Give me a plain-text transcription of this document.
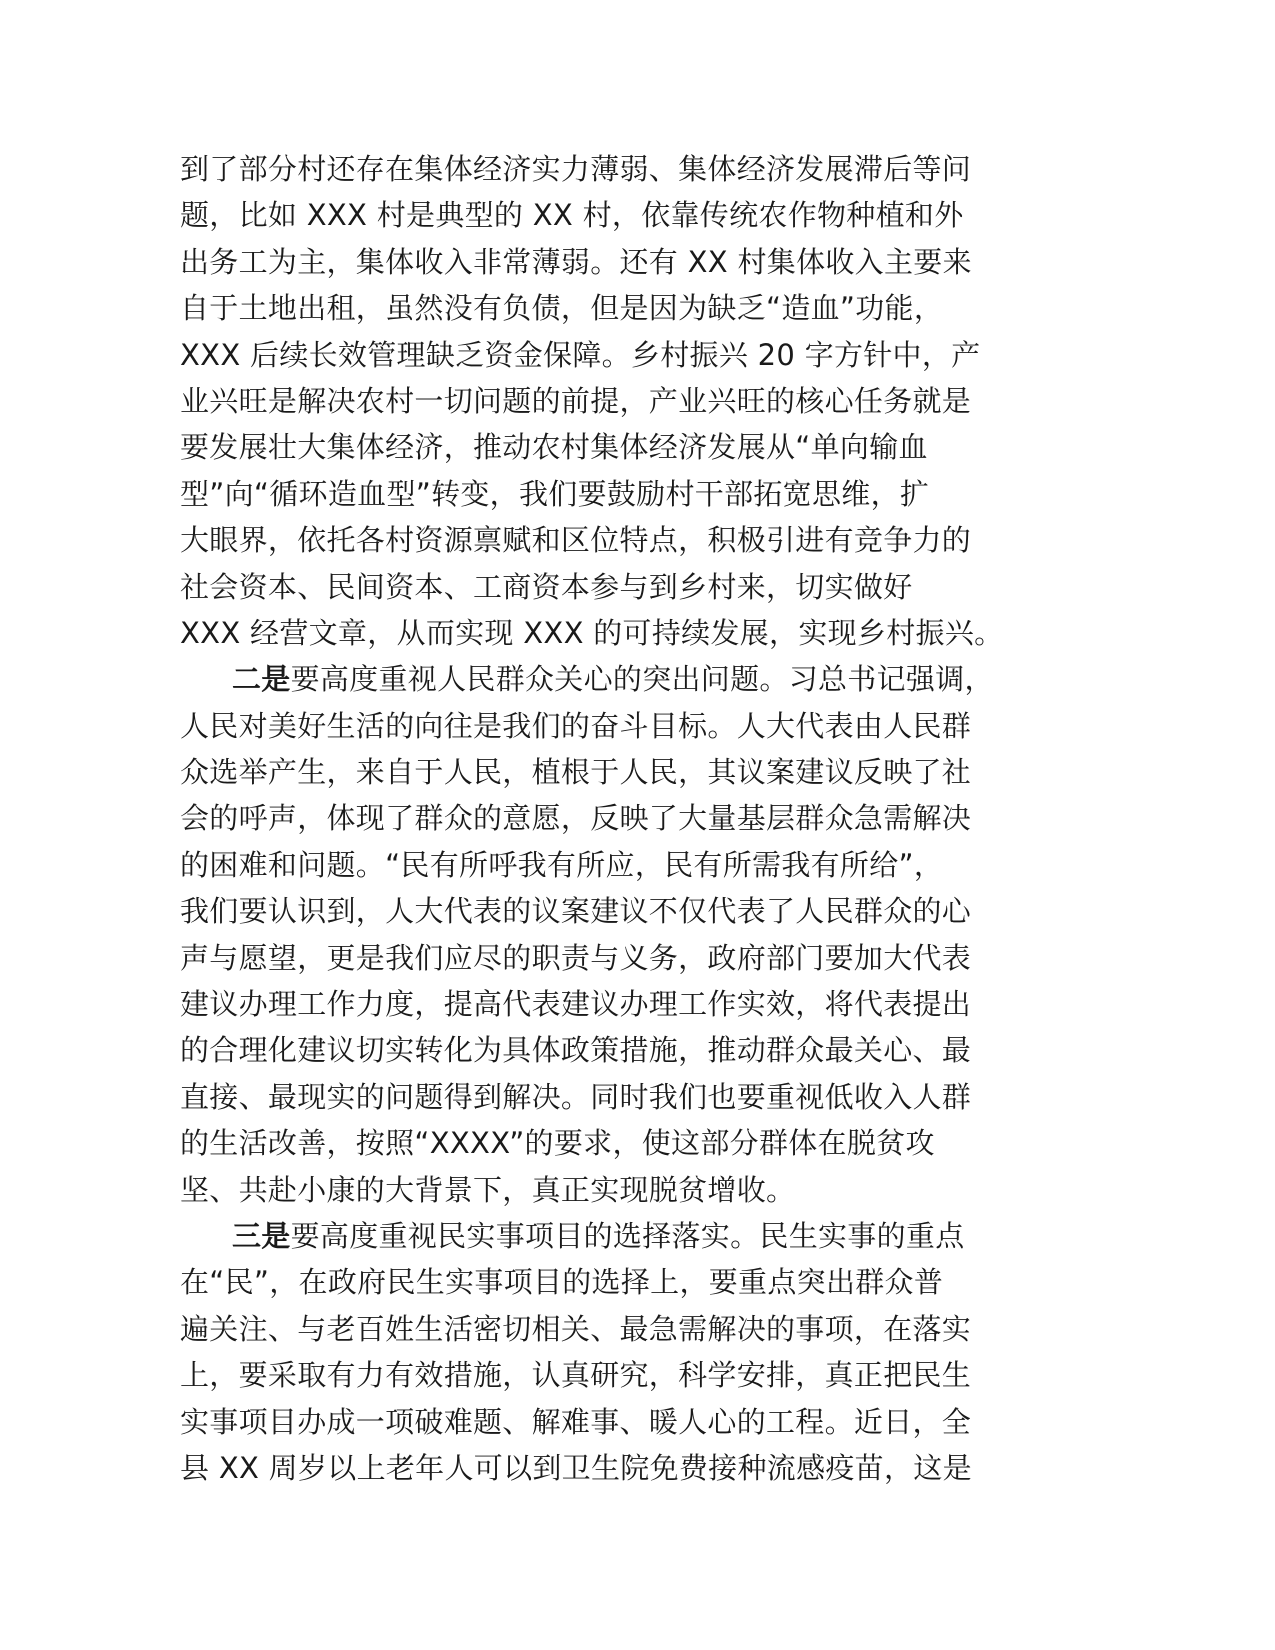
到了部分村还存在集体经济实力薄弱、集体经济发展滞后等问
题，比如 XXX 村是典型的 XX 村，依靠传统农作物种植和外
出务工为主，集体收入非常薄弱。还有 XX 村集体收入主要来
自于土地出租，虽然没有负债，但是因为缺乏“造血”功能，
XXX 后续长效管理缺乏资金保障。乡村振兴 20 字方针中，产
业兴旺是解决农村一切问题的前提，产业兴旺的核心任务就是
要发展壮大集体经济，推动农村集体经济发展从“单向输血
型”向“循环造血型”转变，我们要鼓励村干部拓宽思维，扩
大眼界，依托各村资源禀赋和区位特点，积极引进有竞争力的
社会资本、民间资本、工商资本参与到乡村来，切实做好
XXX 经营文章，从而实现 XXX 的可持续发展，实现乡村振兴。
二是要高度重视人民群众关心的突出问题。习总书记强调，
人民对美好生活的向往是我们的奋斗目标。人大代表由人民群
众选举产生，来自于人民，植根于人民，其议案建议反映了社
会的呼声，体现了群众的意愿，反映了大量基层群众急需解决
的困难和问题。“民有所呼我有所应，民有所需我有所给”，
我们要认识到，人大代表的议案建议不仅代表了人民群众的心
声与愿望，更是我们应尽的职责与义务，政府部门要加大代表
建议办理工作力度，提高代表建议办理工作实效，将代表提出
的合理化建议切实转化为具体政策措施，推动群众最关心、最
直接、最现实的问题得到解决。同时我们也要重视低收入人群
的生活改善，按照“XXXX”的要求，使这部分群体在脱贫攻
坚、共赴小康的大背景下，真正实现脱贫增收。
三是要高度重视民实事项目的选择落实。民生实事的重点
在“民”，在政府民生实事项目的选择上，要重点突出群众普
遍关注、与老百姓生活密切相关、最急需解决的事项，在落实
上，要采取有力有效措施，认真研究，科学安排，真正把民生
实事项目办成一项破难题、解难事、暖人心的工程。近日，全
县 XX 周岁以上老年人可以到卫生院免费接种流感疫苗，这是
